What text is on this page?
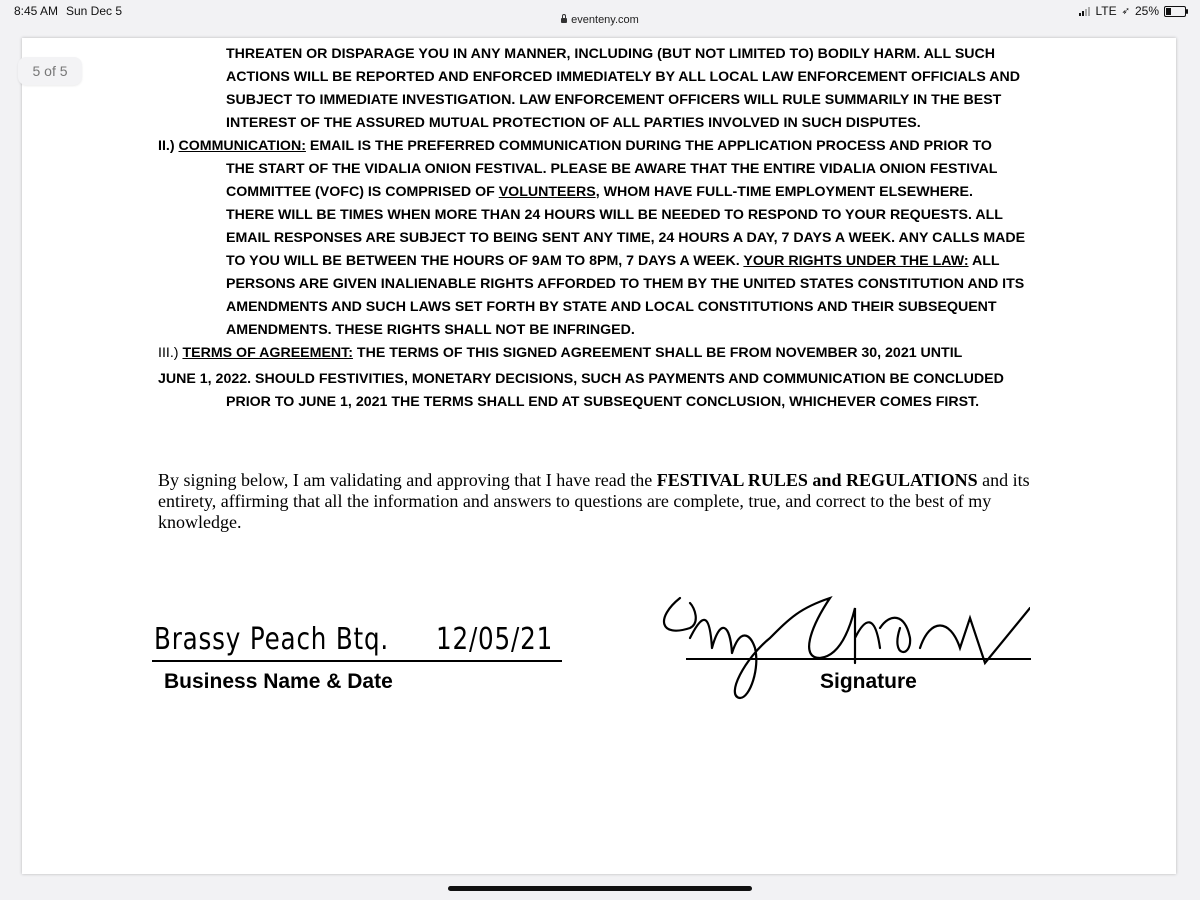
8:45 AM Sun Dec 5	LTE ➶ 25%
eventeny.com
THREATEN OR DISPARAGE YOU IN ANY MANNER, INCLUDING (BUT NOT LIMITED TO) BODILY HARM. ALL SUCH
ACTIONS WILL BE REPORTED AND ENFORCED IMMEDIATELY BY ALL LOCAL LAW ENFORCEMENT OFFICIALS AND
SUBJECT TO IMMEDIATE INVESTIGATION. LAW ENFORCEMENT OFFICERS WILL RULE SUMMARILY IN THE BEST
INTEREST OF THE ASSURED MUTUAL PROTECTION OF ALL PARTIES INVOLVED IN SUCH DISPUTES.
II.) COMMUNICATION: EMAIL IS THE PREFERRED COMMUNICATION DURING THE APPLICATION PROCESS AND PRIOR TO
THE START OF THE VIDALIA ONION FESTIVAL. PLEASE BE AWARE THAT THE ENTIRE VIDALIA ONION FESTIVAL
COMMITTEE (VOFC) IS COMPRISED OF VOLUNTEERS, WHOM HAVE FULL-TIME EMPLOYMENT ELSEWHERE.
THERE WILL BE TIMES WHEN MORE THAN 24 HOURS WILL BE NEEDED TO RESPOND TO YOUR REQUESTS. ALL
EMAIL RESPONSES ARE SUBJECT TO BEING SENT ANY TIME, 24 HOURS A DAY, 7 DAYS A WEEK. ANY CALLS MADE
TO YOU WILL BE BETWEEN THE HOURS OF 9AM TO 8PM, 7 DAYS A WEEK. YOUR RIGHTS UNDER THE LAW: ALL
PERSONS ARE GIVEN INALIENABLE RIGHTS AFFORDED TO THEM BY THE UNITED STATES CONSTITUTION AND ITS
AMENDMENTS AND SUCH LAWS SET FORTH BY STATE AND LOCAL CONSTITUTIONS AND THEIR SUBSEQUENT
AMENDMENTS. THESE RIGHTS SHALL NOT BE INFRINGED.
III.) TERMS OF AGREEMENT: THE TERMS OF THIS SIGNED AGREEMENT SHALL BE FROM NOVEMBER 30, 2021 UNTIL
JUNE 1, 2022. SHOULD FESTIVITIES, MONETARY DECISIONS, SUCH AS PAYMENTS AND COMMUNICATION BE CONCLUDED
PRIOR TO JUNE 1, 2021 THE TERMS SHALL END AT SUBSEQUENT CONCLUSION, WHICHEVER COMES FIRST.
By signing below, I am validating and approving that I have read the FESTIVAL RULES and REGULATIONS and its entirety, affirming that all the information and answers to questions are complete, true, and correct to the best of my knowledge.
Brassy Peach Btq. 12/05/21
Business Name & Date	Signature
5 of 5
